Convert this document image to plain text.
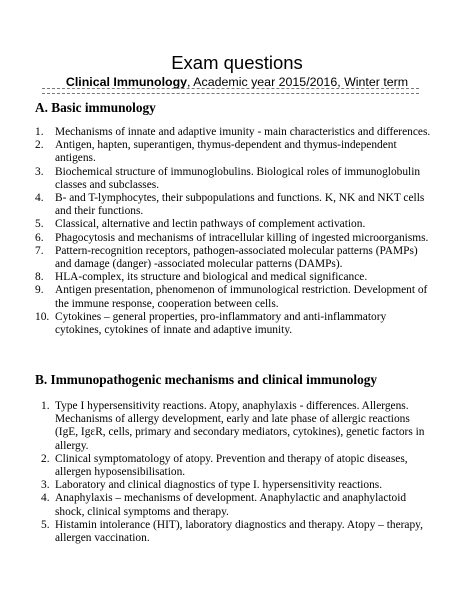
Exam questions
Clinical Immunology, Academic year 2015/2016, Winter term
A. Basic immunology
1.	Mechanisms of innate and adaptive imunity - main characteristics and differences.
2.	Antigen, hapten, superantigen, thymus-dependent and thymus-independent antigens.
3.	Biochemical structure of immunoglobulins. Biological roles of immunoglobulin classes and subclasses.
4.	B- and T-lymphocytes, their subpopulations and functions. K, NK and NKT cells and their functions.
5.	Classical, alternative and lectin pathways of complement activation.
6.	Phagocytosis and mechanisms of intracellular killing of ingested microorganisms.
7.	Pattern-recognition receptors, pathogen-associated molecular patterns (PAMPs) and damage (danger) -associated molecular patterns (DAMPs).
8.	HLA-complex, its structure and biological and medical significance.
9.	Antigen presentation, phenomenon of immunological restriction. Development of the immune response, cooperation between cells.
10. Cytokines – general properties, pro-inflammatory and anti-inflammatory cytokines, cytokines of innate and adaptive imunity.
B. Immunopathogenic mechanisms and clinical immunology
1. Type I hypersensitivity reactions. Atopy, anaphylaxis - differences. Allergens. Mechanisms of allergy development, early and late phase of allergic reactions (IgE, IgεR, cells, primary and secondary mediators, cytokines), genetic factors in allergy.
2. Clinical symptomatology of atopy. Prevention and therapy of atopic diseases, allergen hyposensibilisation.
3. Laboratory and clinical diagnostics of type I. hypersensitivity reactions.
4. Anaphylaxis – mechanisms of development. Anaphylactic and anaphylactoid shock, clinical symptoms and therapy.
5. Histamin intolerance (HIT), laboratory diagnostics and therapy. Atopy – therapy, allergen vaccination.
